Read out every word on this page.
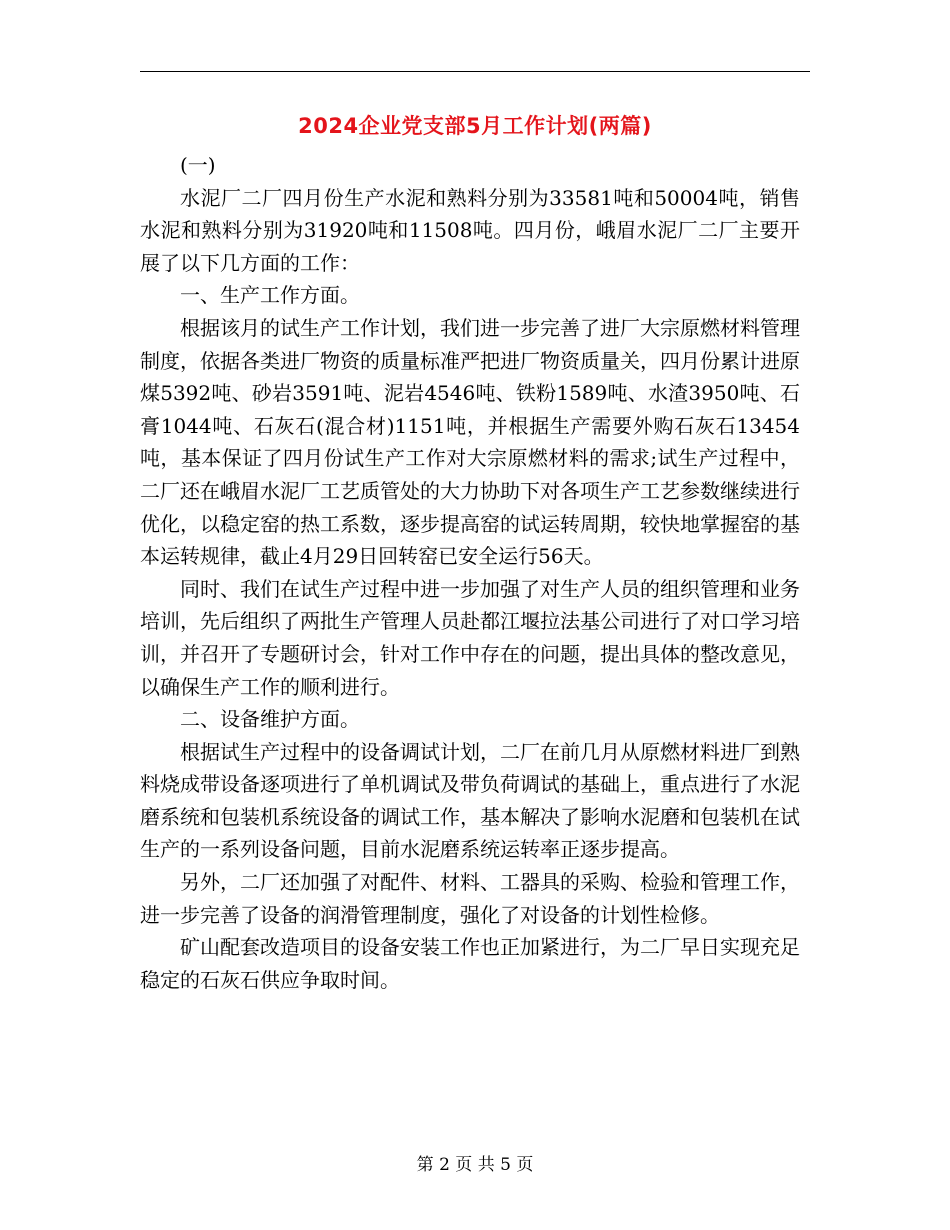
2024企业党支部5月工作计划(两篇)

(一)

水泥厂二厂四月份生产水泥和熟料分别为33581吨和50004吨，销售水泥和熟料分别为31920吨和11508吨。四月份，峨眉水泥厂二厂主要开展了以下几方面的工作：

一、生产工作方面。

根据该月的试生产工作计划，我们进一步完善了进厂大宗原燃材料管理制度，依据各类进厂物资的质量标准严把进厂物资质量关，四月份累计进原煤5392吨、砂岩3591吨、泥岩4546吨、铁粉1589吨、水渣3950吨、石膏1044吨、石灰石(混合材)1151吨，并根据生产需要外购石灰石13454吨，基本保证了四月份试生产工作对大宗原燃材料的需求;试生产过程中，二厂还在峨眉水泥厂工艺质管处的大力协助下对各项生产工艺参数继续进行优化，以稳定窑的热工系数，逐步提高窑的试运转周期，较快地掌握窑的基本运转规律，截止4月29日回转窑已安全运行56天。

同时、我们在试生产过程中进一步加强了对生产人员的组织管理和业务培训，先后组织了两批生产管理人员赴都江堰拉法基公司进行了对口学习培训，并召开了专题研讨会，针对工作中存在的问题，提出具体的整改意见，以确保生产工作的顺利进行。

二、设备维护方面。

根据试生产过程中的设备调试计划，二厂在前几月从原燃材料进厂到熟料烧成带设备逐项进行了单机调试及带负荷调试的基础上，重点进行了水泥磨系统和包装机系统设备的调试工作，基本解决了影响水泥磨和包装机在试生产的一系列设备问题，目前水泥磨系统运转率正逐步提高。

另外，二厂还加强了对配件、材料、工器具的采购、检验和管理工作，进一步完善了设备的润滑管理制度，强化了对设备的计划性检修。

矿山配套改造项目的设备安装工作也正加紧进行，为二厂早日实现充足稳定的石灰石供应争取时间。

第 2 页 共 5 页
